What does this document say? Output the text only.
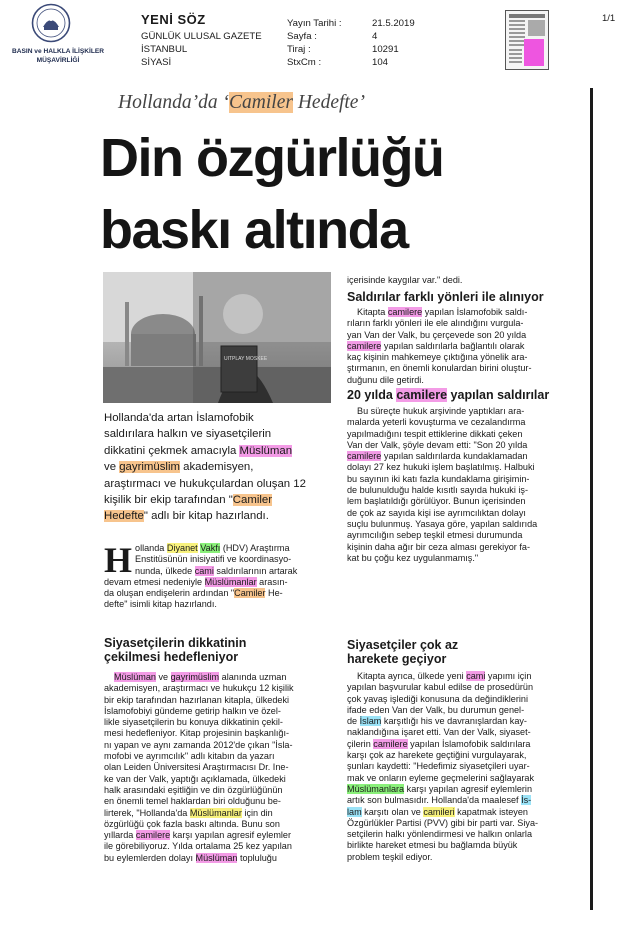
BASIN ve HALKLA İLİŞKİLER
MÜŞAVİRLİĞİ
YENİ SÖZ
GÜNLÜK ULUSAL GAZETE
İSTANBUL
SİYASİ
Yayın Tarihi :
Sayfa :
Tiraj :
StxCm :
21.5.2019
4
10291
104
1/1
Hollanda’da ‘Camiler Hedefte’
Din özgürlüğü
baskı altında
UITPLAY MOSKEE

Hollanda'da artan İslamofobik

saldırılara halkın ve siyasetçilerin

dikkatini çekmek amacıyla Müslüman

ve gayrimüslim akademisyen,

araştırmacı ve hukukçulardan oluşan 12

kişilik bir ekip tarafından "Camiler

Hedefte" adlı bir kitap hazırlandı.

H ollanda Diyanet Vakfı (HDV) Araştırma

Enstitüsünün inisiyatifi ve koordinasyo-

nunda, ülkede cami saldırılarının artarak

devam etmesi nedeniyle Müslümanlar arasın-

da oluşan endişelerin ardından "Camiler He-

defte" isimli kitap hazırlandı.

Siyasetçilerin dikkatinin
çekilmesi hedefleniyor

Müslüman ve gayrimüslim alanında uzman

akademisyen, araştırmacı ve hukukçu 12 kişilik

bir ekip tarafından hazırlanan kitapla, ülkedeki

İslamofobiyi gündeme getirip halkın ve özel-

likle siyasetçilerin bu konuya dikkatinin çekil-

mesi hedefleniyor. Kitap projesinin başkanlığı-

nı yapan ve aynı zamanda 2012'de çıkan "İsla-

mofobi ve ayrımcılık" adlı kitabın da yazarı

olan Leiden Üniversitesi Araştırmacısı Dr. Ine-

ke van der Valk, yaptığı açıklamada, ülkedeki

halk arasındaki eşitliğin ve din özgürlüğünün

en önemli temel haklardan biri olduğunu be-

lirterek, "Hollanda'da Müslümanlar için din

özgürlüğü çok fazla baskı altında. Bunu son

yıllarda camilere karşı yapılan agresif eylemler

ile görebiliyoruz. Yılda ortalama 25 kez yapılan

bu eylemlerden dolayı Müslüman topluluğu

içerisinde kaygılar var." dedi.

Saldırılar farklı yönleri ile alınıyor

Kitapta camilere yapılan İslamofobik saldı-

rıların farklı yönleri ile ele alındığını vurgula-

yan Van der Valk, bu çerçevede son 20 yılda

camilere yapılan saldırılarla bağlantılı olarak

kaç kişinin mahkemeye çıktığına yönelik ara-

ştırmanın, en önemli konulardan birini oluştur-

duğunu dile getirdi.

20 yılda camilere yapılan saldırılar

Bu süreçte hukuk arşivinde yaptıkları ara-

malarda yeterli kovuşturma ve cezalandırma

yapılmadığını tespit ettiklerine dikkati çeken

Van der Valk, şöyle devam etti: "Son 20 yılda

camilere yapılan saldırılarda kundaklamadan

dolayı 27 kez hukuki işlem başlatılmış. Halbuki

bu sayının iki katı fazla kundaklama girişimin-

de bulunulduğu halde kısıtlı sayıda hukuki iş-

lem başlatıldığı görülüyor. Bunun içerisinden

de çok az sayıda kişi ise ayrımcılıktan dolayı

suçlu bulunmuş. Yasaya göre, yapılan saldırıda

ayrımcılığın sebep teşkil etmesi durumunda

kişinin daha ağır bir ceza alması gerekiyor fa-

kat bu çoğu kez uygulanmamış."

Siyasetçiler çok az
harekete geçiyor

Kitapta ayrıca, ülkede yeni cami yapımı için

yapılan başvurular kabul edilse de prosedürün

çok yavaş işlediği konusuna da değindiklerini

ifade eden Van der Valk, bu durumun genel-

de İslam karşıtlığı his ve davranışlardan kay-

naklandığına işaret etti. Van der Valk, siyaset-

çilerin camilere yapılan İslamofobik saldırılara

karşı çok az harekete geçtiğini vurgulayarak,

şunları kaydetti: "Hedefimiz siyasetçileri uyar-

mak ve onların eyleme geçmelerini sağlayarak

Müslümanlara karşı yapılan agresif eylemlerin

artık son bulmasıdır. Hollanda'da maalesef İs-

lam karşıtı olan ve camileri kapatmak isteyen

Özgürlükler Partisi (PVV) gibi bir parti var. Siya-

setçilerin halkı yönlendirmesi ve halkın onlarla

birlikte hareket etmesi bu bağlamda büyük

problem teşkil ediyor.
